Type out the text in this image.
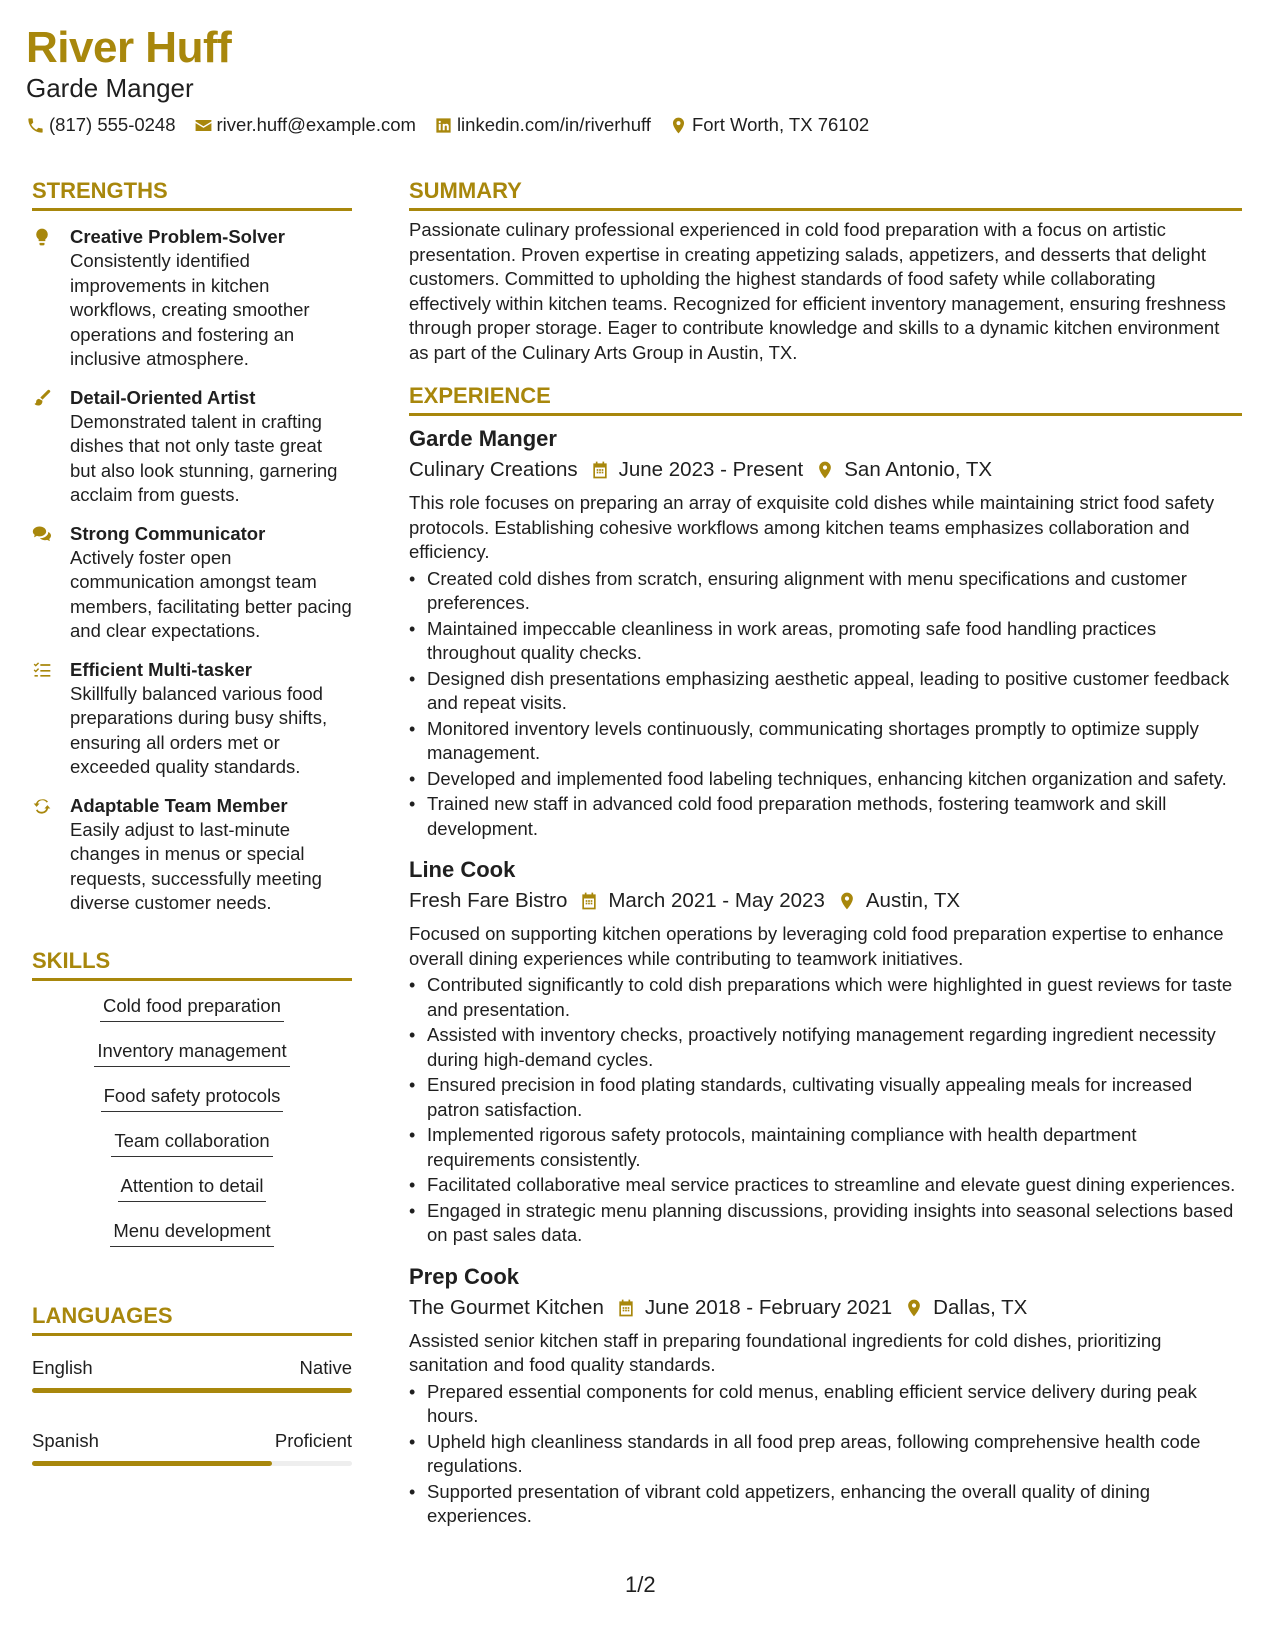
River Huff
Garde Manger
(817) 555-0248 river.huff@example.com linkedin.com/in/riverhuff Fort Worth, TX 76102
STRENGTHS
Creative Problem-Solver
Consistently identified improvements in kitchen workflows, creating smoother operations and fostering an inclusive atmosphere.
Detail-Oriented Artist
Demonstrated talent in crafting dishes that not only taste great but also look stunning, garnering acclaim from guests.
Strong Communicator
Actively foster open communication amongst team members, facilitating better pacing and clear expectations.
Efficient Multi-tasker
Skillfully balanced various food preparations during busy shifts, ensuring all orders met or exceeded quality standards.
Adaptable Team Member
Easily adjust to last-minute changes in menus or special requests, successfully meeting diverse customer needs.
SKILLS
Cold food preparation
Inventory management
Food safety protocols
Team collaboration
Attention to detail
Menu development
LANGUAGES
English	Native
Spanish	Proficient
SUMMARY
Passionate culinary professional experienced in cold food preparation with a focus on artistic presentation. Proven expertise in creating appetizing salads, appetizers, and desserts that delight customers. Committed to upholding the highest standards of food safety while collaborating effectively within kitchen teams. Recognized for efficient inventory management, ensuring freshness through proper storage. Eager to contribute knowledge and skills to a dynamic kitchen environment as part of the Culinary Arts Group in Austin, TX.
EXPERIENCE
Garde Manger
Culinary Creations June 2023 - Present San Antonio, TX
This role focuses on preparing an array of exquisite cold dishes while maintaining strict food safety protocols. Establishing cohesive workflows among kitchen teams emphasizes collaboration and efficiency.
• Created cold dishes from scratch, ensuring alignment with menu specifications and customer preferences.
• Maintained impeccable cleanliness in work areas, promoting safe food handling practices throughout quality checks.
• Designed dish presentations emphasizing aesthetic appeal, leading to positive customer feedback and repeat visits.
• Monitored inventory levels continuously, communicating shortages promptly to optimize supply management.
• Developed and implemented food labeling techniques, enhancing kitchen organization and safety.
• Trained new staff in advanced cold food preparation methods, fostering teamwork and skill development.
Line Cook
Fresh Fare Bistro March 2021 - May 2023 Austin, TX
Focused on supporting kitchen operations by leveraging cold food preparation expertise to enhance overall dining experiences while contributing to teamwork initiatives.
• Contributed significantly to cold dish preparations which were highlighted in guest reviews for taste and presentation.
• Assisted with inventory checks, proactively notifying management regarding ingredient necessity during high-demand cycles.
• Ensured precision in food plating standards, cultivating visually appealing meals for increased patron satisfaction.
• Implemented rigorous safety protocols, maintaining compliance with health department requirements consistently.
• Facilitated collaborative meal service practices to streamline and elevate guest dining experiences.
• Engaged in strategic menu planning discussions, providing insights into seasonal selections based on past sales data.
Prep Cook
The Gourmet Kitchen June 2018 - February 2021 Dallas, TX
Assisted senior kitchen staff in preparing foundational ingredients for cold dishes, prioritizing sanitation and food quality standards.
• Prepared essential components for cold menus, enabling efficient service delivery during peak hours.
• Upheld high cleanliness standards in all food prep areas, following comprehensive health code regulations.
• Supported presentation of vibrant cold appetizers, enhancing the overall quality of dining experiences.
1/2
